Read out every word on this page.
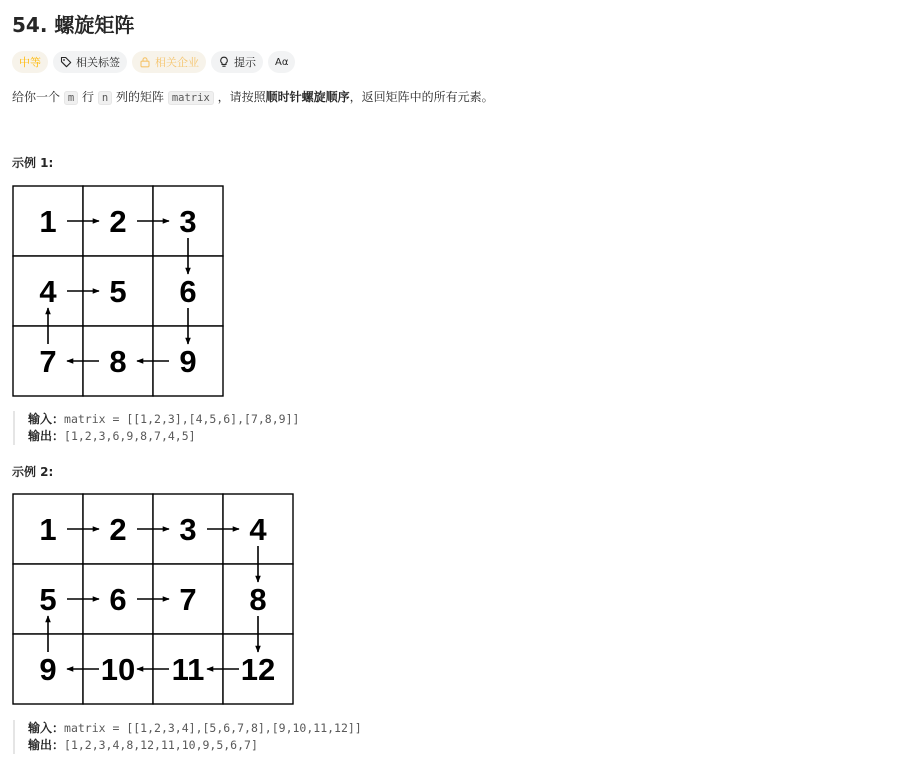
54. 螺旋矩阵
中等	相关标签	相关企业	提示 Aα
给你一个 m 行 n 列的矩阵 matrix ，请按照顺时针螺旋顺序，返回矩阵中的所有元素。
示例 1:
1 2 3
4 5 6
7 8 9
输入：matrix = [[1,2,3],[4,5,6],[7,8,9]]
输出：[1,2,3,6,9,8,7,4,5]
示例 2:
1 2 3 4
5 6 7 8
9 10 11 12
输入：matrix = [[1,2,3,4],[5,6,7,8],[9,10,11,12]]
输出：[1,2,3,4,8,12,11,10,9,5,6,7]
